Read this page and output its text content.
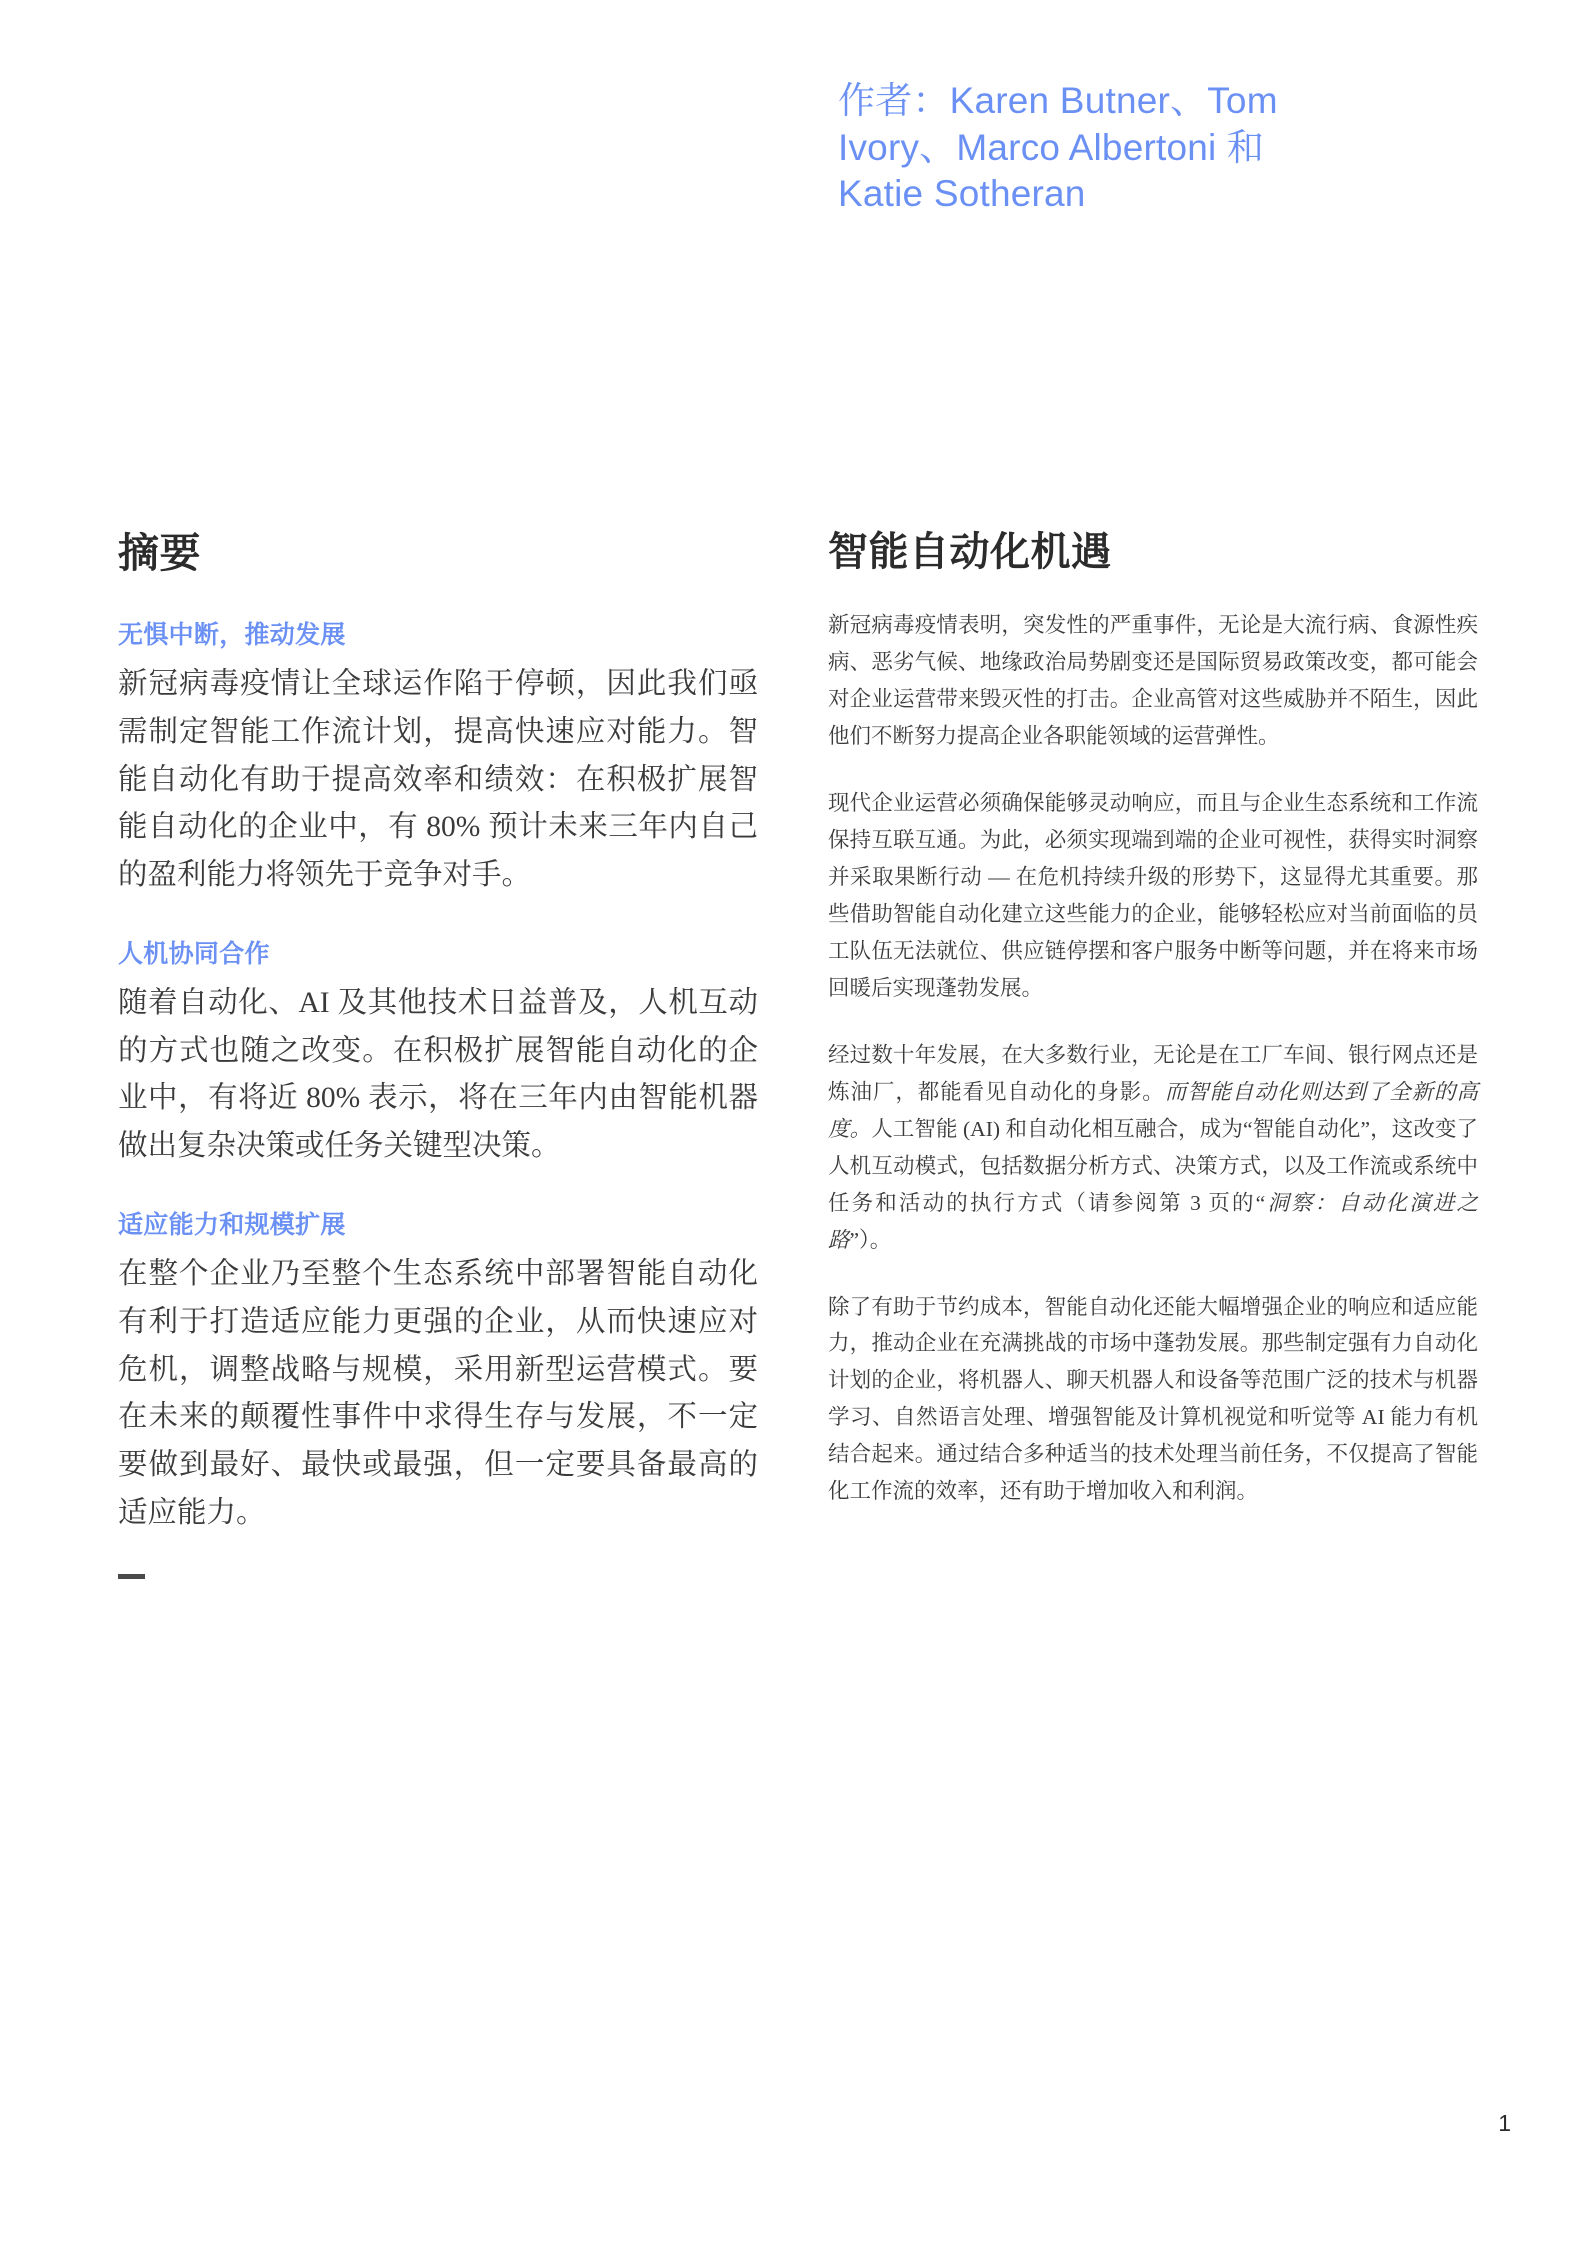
作者：Karen Butner、Tom Ivory、Marco Albertoni 和 Katie Sotheran
摘要

无惧中断，推动发展

新冠病毒疫情让全球运作陷于停顿，因此我们亟需制定智能工作流计划，提高快速应对能力。智能自动化有助于提高效率和绩效：在积极扩展智能自动化的企业中，有 80% 预计未来三年内自己的盈利能力将领先于竞争对手。

人机协同合作

随着自动化、AI 及其他技术日益普及，人机互动的方式也随之改变。在积极扩展智能自动化的企业中，有将近 80% 表示，将在三年内由智能机器做出复杂决策或任务关键型决策。

适应能力和规模扩展

在整个企业乃至整个生态系统中部署智能自动化有利于打造适应能力更强的企业，从而快速应对危机，调整战略与规模，采用新型运营模式。要在未来的颠覆性事件中求得生存与发展，不一定要做到最好、最快或最强，但一定要具备最高的适应能力。

智能自动化机遇

新冠病毒疫情表明，突发性的严重事件，无论是大流行病、食源性疾病、恶劣气候、地缘政治局势剧变还是国际贸易政策改变，都可能会对企业运营带来毁灭性的打击。企业高管对这些威胁并不陌生，因此他们不断努力提高企业各职能领域的运营弹性。

现代企业运营必须确保能够灵动响应，而且与企业生态系统和工作流保持互联互通。为此，必须实现端到端的企业可视性，获得实时洞察并采取果断行动 — 在危机持续升级的形势下，这显得尤其重要。那些借助智能自动化建立这些能力的企业，能够轻松应对当前面临的员工队伍无法就位、供应链停摆和客户服务中断等问题，并在将来市场回暖后实现蓬勃发展。

经过数十年发展，在大多数行业，无论是在工厂车间、银行网点还是炼油厂，都能看见自动化的身影。而智能自动化则达到了全新的高度。人工智能 (AI) 和自动化相互融合，成为“智能自动化”，这改变了人机互动模式，包括数据分析方式、决策方式，以及工作流或系统中任务和活动的执行方式（请参阅第 3 页的“洞察：自动化演进之路”）。

除了有助于节约成本，智能自动化还能大幅增强企业的响应和适应能力，推动企业在充满挑战的市场中蓬勃发展。那些制定强有力自动化计划的企业，将机器人、聊天机器人和设备等范围广泛的技术与机器学习、自然语言处理、增强智能及计算机视觉和听觉等 AI 能力有机结合起来。通过结合多种适当的技术处理当前任务，不仅提高了智能化工作流的效率，还有助于增加收入和利润。

1
